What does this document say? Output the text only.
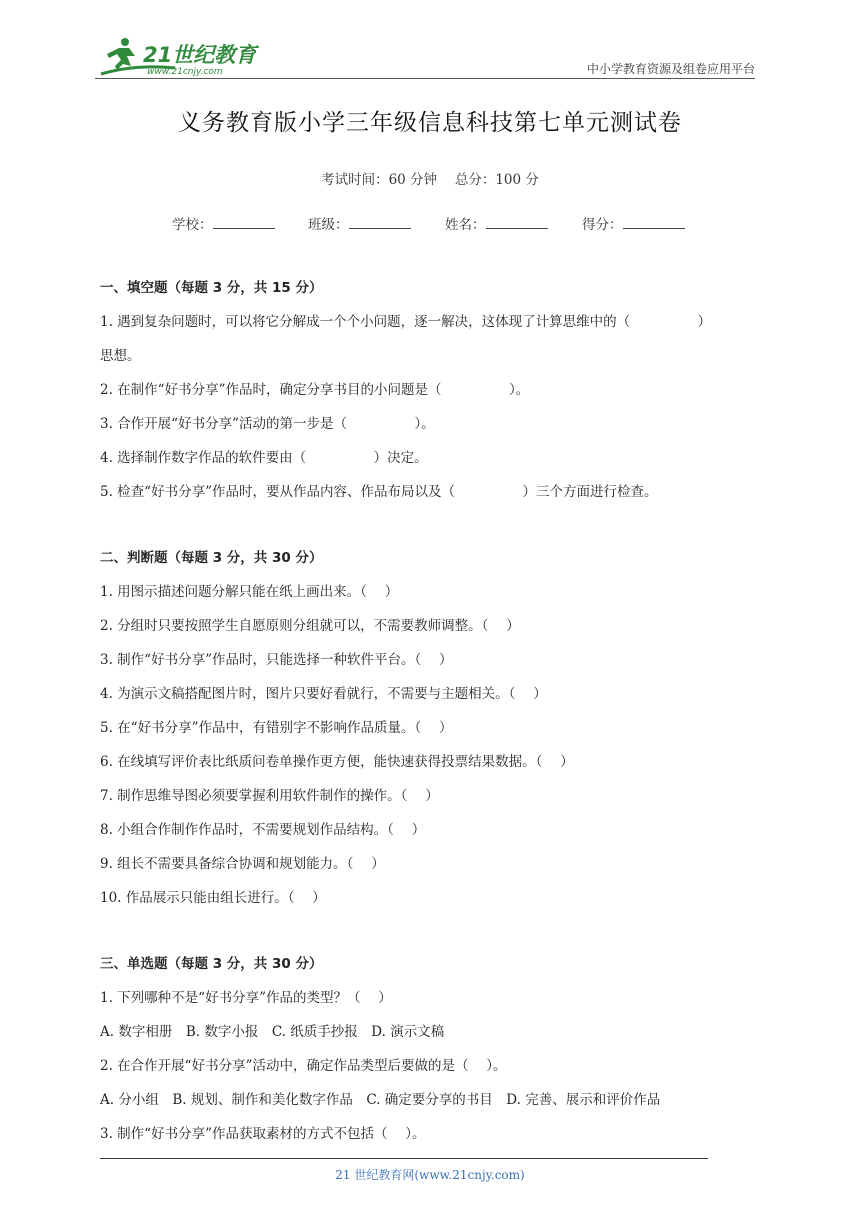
21世纪教育
www.21cnjy.com	中小学教育资源及组卷应用平台
义务教育版小学三年级信息科技第七单元测试卷
考试时间：60 分钟　 总分：100 分
学校：	班级：	姓名：	得分：
一、填空题（每题 3 分，共 15 分）
1. 遇到复杂问题时，可以将它分解成一个个小问题，逐一解决，这体现了计算思维中的（　　　　　）
思想。
2. 在制作“好书分享”作品时，确定分享书目的小问题是（　　　　　）。
3. 合作开展“好书分享”活动的第一步是（　　　　　）。
4. 选择制作数字作品的软件要由（　　　　　）决定。
5. 检查“好书分享”作品时，要从作品内容、作品布局以及（　　　　　）三个方面进行检查。
二、判断题（每题 3 分，共 30 分）
1. 用图示描述问题分解只能在纸上画出来。（　 ）
2. 分组时只要按照学生自愿原则分组就可以，不需要教师调整。（　 ）
3. 制作“好书分享”作品时，只能选择一种软件平台。（　 ）
4. 为演示文稿搭配图片时，图片只要好看就行，不需要与主题相关。（　 ）
5. 在“好书分享”作品中，有错别字不影响作品质量。（　 ）
6. 在线填写评价表比纸质问卷单操作更方便，能快速获得投票结果数据。（　 ）
7. 制作思维导图必须要掌握利用软件制作的操作。（　 ）
8. 小组合作制作作品时，不需要规划作品结构。（　 ）
9. 组长不需要具备综合协调和规划能力。（　 ）
10. 作品展示只能由组长进行。（　 ）
三、单选题（每题 3 分，共 30 分）
1. 下列哪种不是“好书分享”作品的类型？（　 ）
A. 数字相册　B. 数字小报　C. 纸质手抄报　D. 演示文稿
2. 在合作开展“好书分享”活动中，确定作品类型后要做的是（　 ）。
A. 分小组　B. 规划、制作和美化数字作品　C. 确定要分享的书目　D. 完善、展示和评价作品
3. 制作“好书分享”作品获取素材的方式不包括（　 ）。
21 世纪教育网(www.21cnjy.com)
